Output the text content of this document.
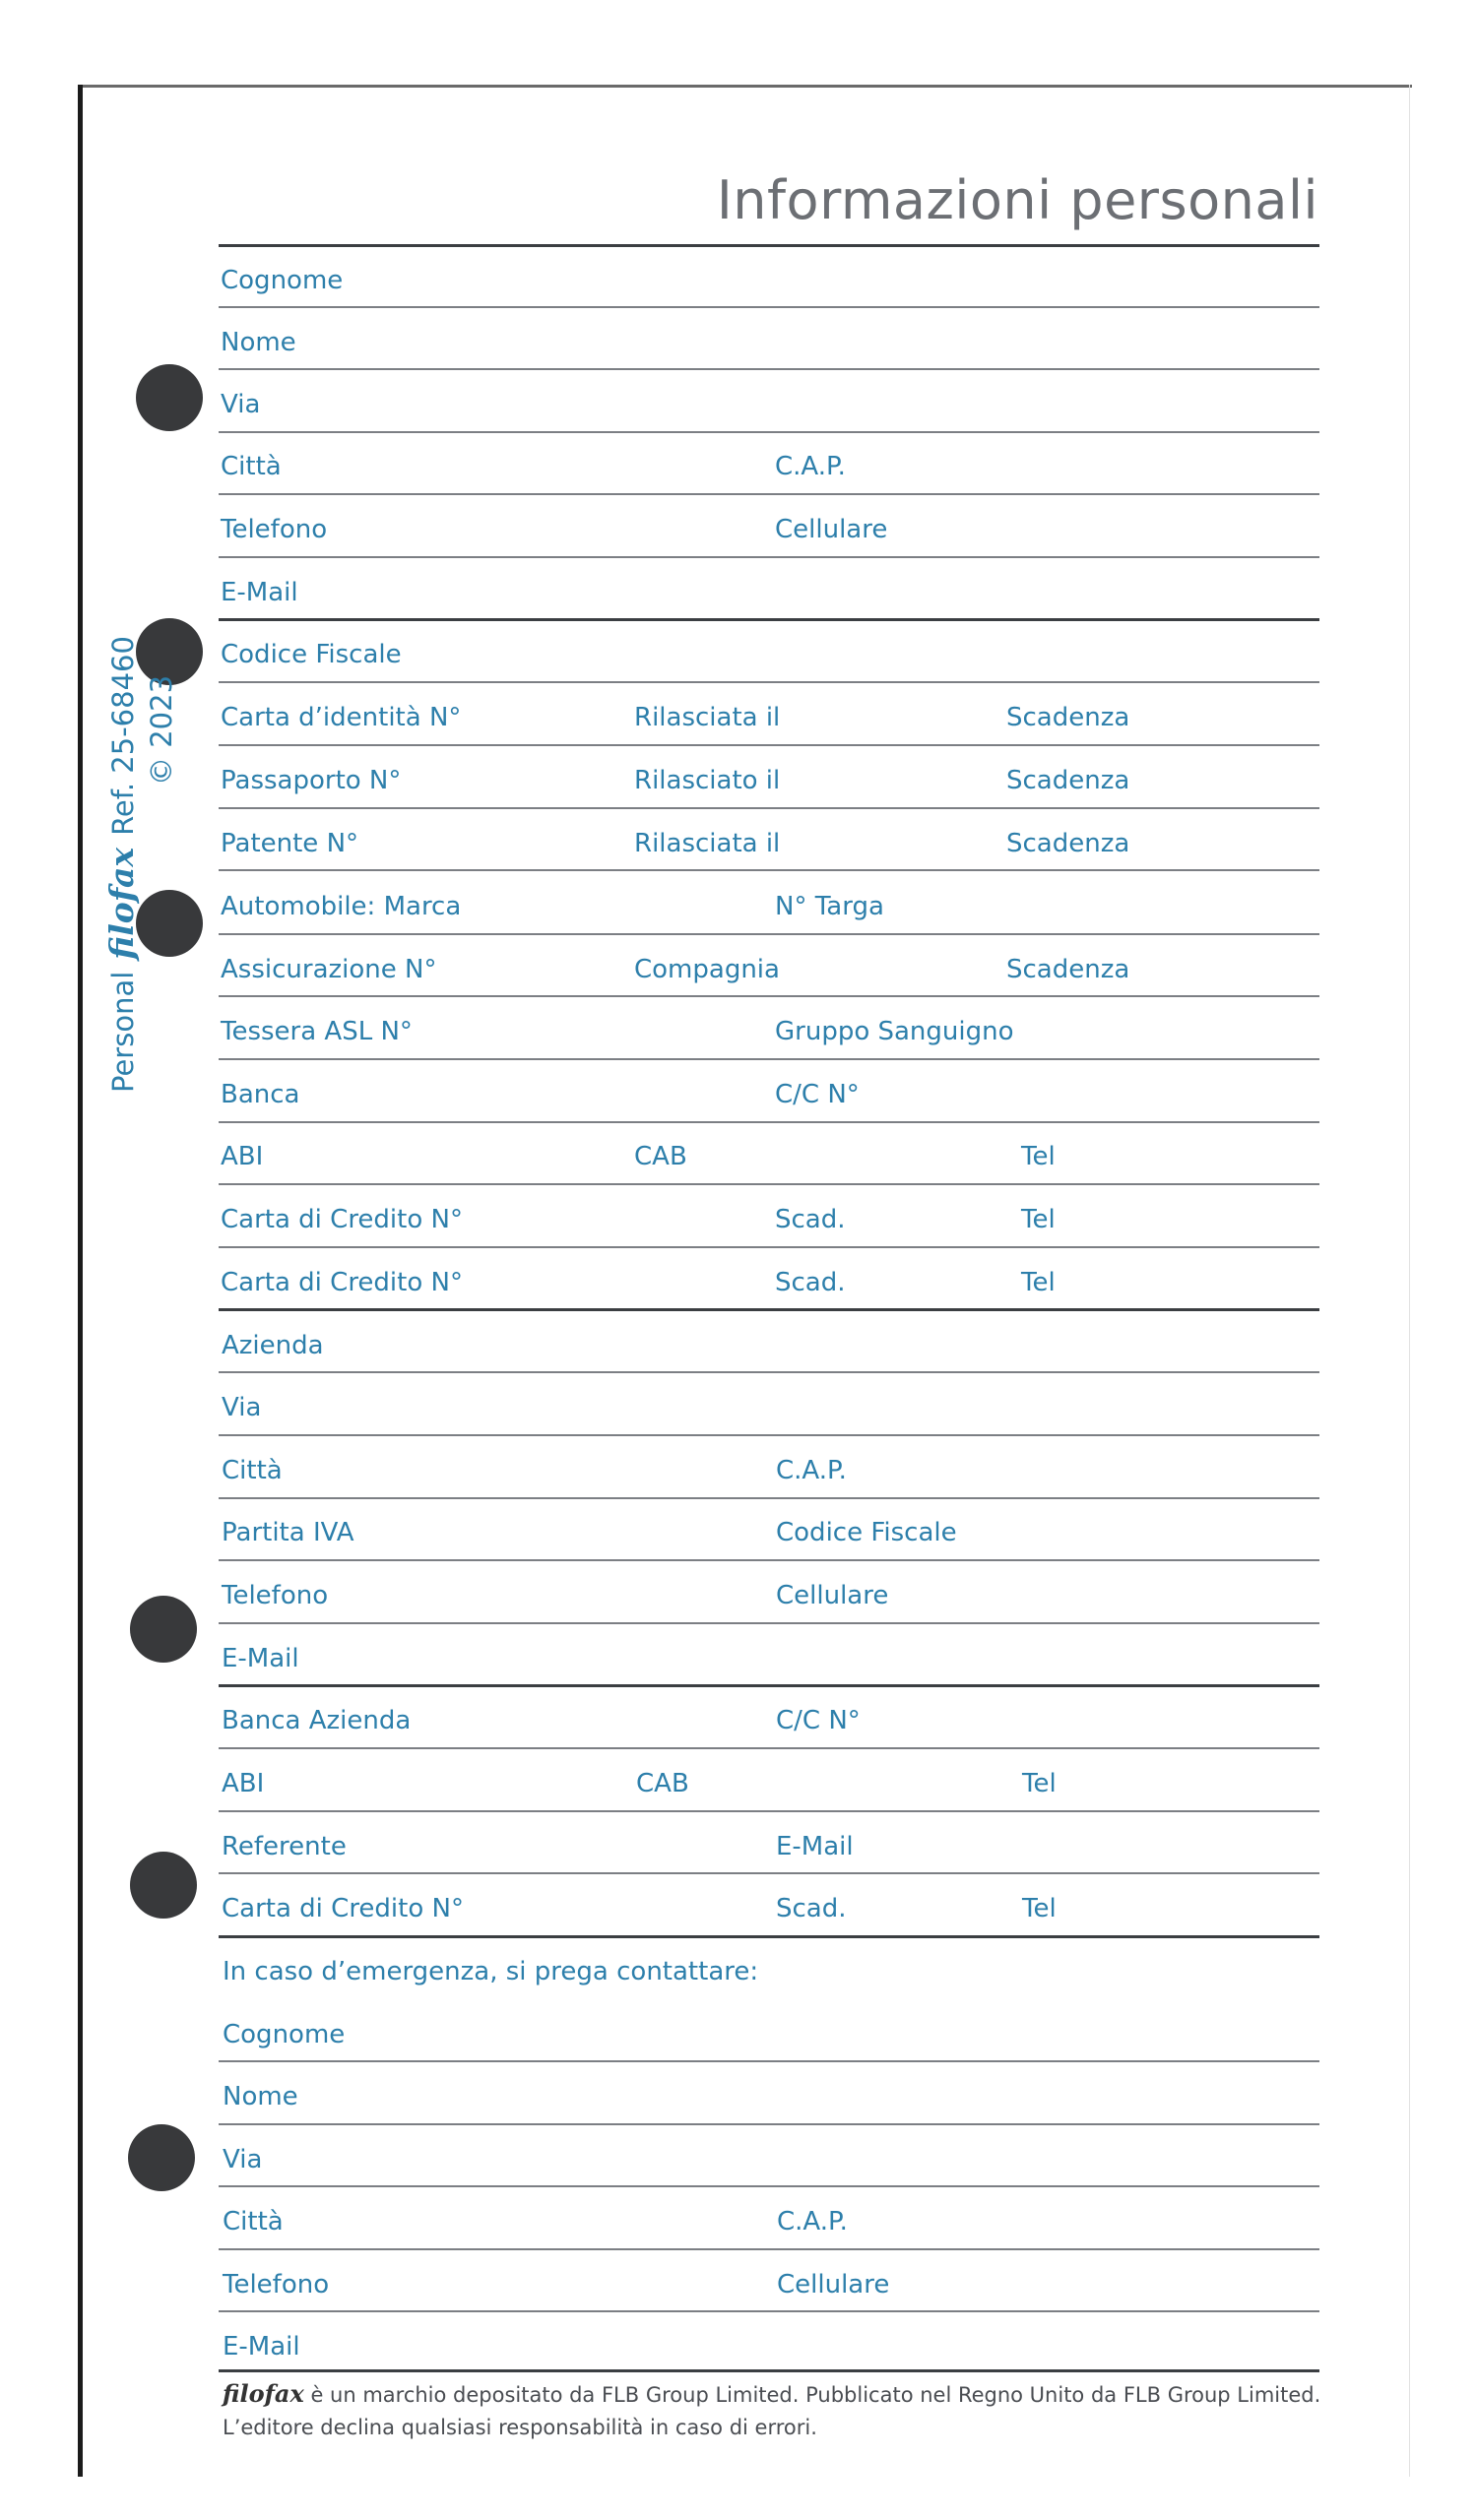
Informazioni personali
Cognome
Nome
Via
Città	C.A.P.
Telefono	Cellulare
E-Mail
Codice Fiscale
Carta d’identità N°	Rilasciata il	Scadenza
Passaporto N°	Rilasciato il	Scadenza
Patente N°	Rilasciata il	Scadenza
Automobile: Marca	N° Targa
Assicurazione N°	Compagnia	Scadenza
Tessera ASL N°	Gruppo Sanguigno
Banca	C/C N°
ABI	CAB	Tel
Carta di Credito N°	Scad.	Tel
Carta di Credito N°	Scad.	Tel
Azienda
Via
Città	C.A.P.
Partita IVA	Codice Fiscale
Telefono	Cellulare
E-Mail
Banca Azienda	C/C N°
ABI	CAB	Tel
Referente	E-Mail
Carta di Credito N°	Scad.	Tel
In caso d’emergenza, si prega contattare:
Cognome
Nome
Via
Città	C.A.P.
Telefono	Cellulare
E-Mail
filofax è un marchio depositato da FLB Group Limited. Pubblicato nel Regno Unito da FLB Group Limited.
L’editore declina qualsiasi responsabilità in caso di errori.
Personal
filofax
Ref. 25-68460 © 2023
